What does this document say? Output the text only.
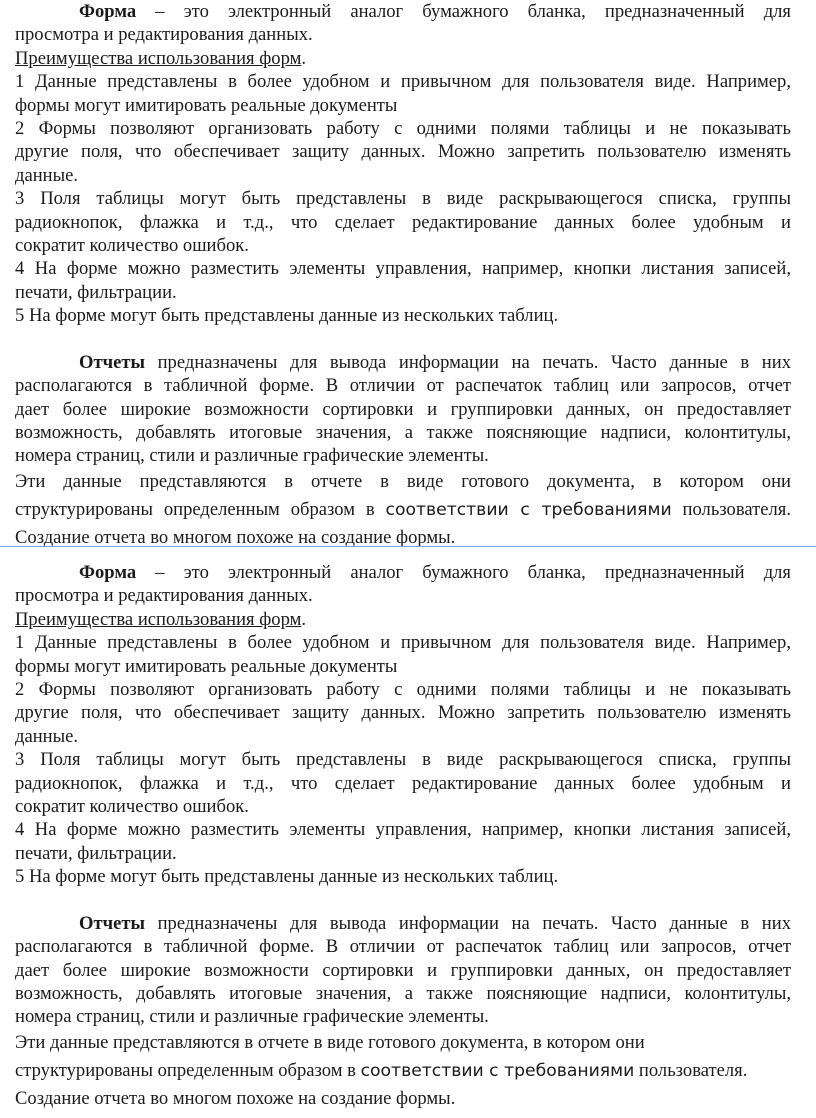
Форма – это электронный аналог бумажного бланка, предназначенный для
просмотра и редактирования данных.
Преимущества использования форм.
1 Данные представлены в более удобном и привычном для пользователя виде. Например,
формы могут имитировать реальные документы
2 Формы позволяют организовать работу с одними полями таблицы и не показывать
другие поля, что обеспечивает защиту данных. Можно запретить пользователю изменять
данные.
3 Поля таблицы могут быть представлены в виде раскрывающегося списка, группы
радиокнопок, флажка и т.д., что сделает редактирование данных более удобным и
сократит количество ошибок.
4 На форме можно разместить элементы управления, например, кнопки листания записей,
печати, фильтрации.
5 На форме могут быть представлены данные из нескольких таблиц.
Отчеты предназначены для вывода информации на печать. Часто данные в них
располагаются в табличной форме. В отличии от распечаток таблиц или запросов, отчет
дает более широкие возможности сортировки и группировки данных, он предоставляет
возможность, добавлять итоговые значения, а также поясняющие надписи, колонтитулы,
номера страниц, стили и различные графические элементы.
Эти данные представляются в отчете в виде готового документа, в котором они
структурированы определенным образом в соответствии с требованиями пользователя.
Создание отчета во многом похоже на создание формы.
Форма – это электронный аналог бумажного бланка, предназначенный для
просмотра и редактирования данных.
Преимущества использования форм.
1 Данные представлены в более удобном и привычном для пользователя виде. Например,
формы могут имитировать реальные документы
2 Формы позволяют организовать работу с одними полями таблицы и не показывать
другие поля, что обеспечивает защиту данных. Можно запретить пользователю изменять
данные.
3 Поля таблицы могут быть представлены в виде раскрывающегося списка, группы
радиокнопок, флажка и т.д., что сделает редактирование данных более удобным и
сократит количество ошибок.
4 На форме можно разместить элементы управления, например, кнопки листания записей,
печати, фильтрации.
5 На форме могут быть представлены данные из нескольких таблиц.
Отчеты предназначены для вывода информации на печать. Часто данные в них
располагаются в табличной форме. В отличии от распечаток таблиц или запросов, отчет
дает более широкие возможности сортировки и группировки данных, он предоставляет
возможность, добавлять итоговые значения, а также поясняющие надписи, колонтитулы,
номера страниц, стили и различные графические элементы.
Эти данные представляются в отчете в виде готового документа, в котором они
структурированы определенным образом в соответствии с требованиями пользователя.
Создание отчета во многом похоже на создание формы.
